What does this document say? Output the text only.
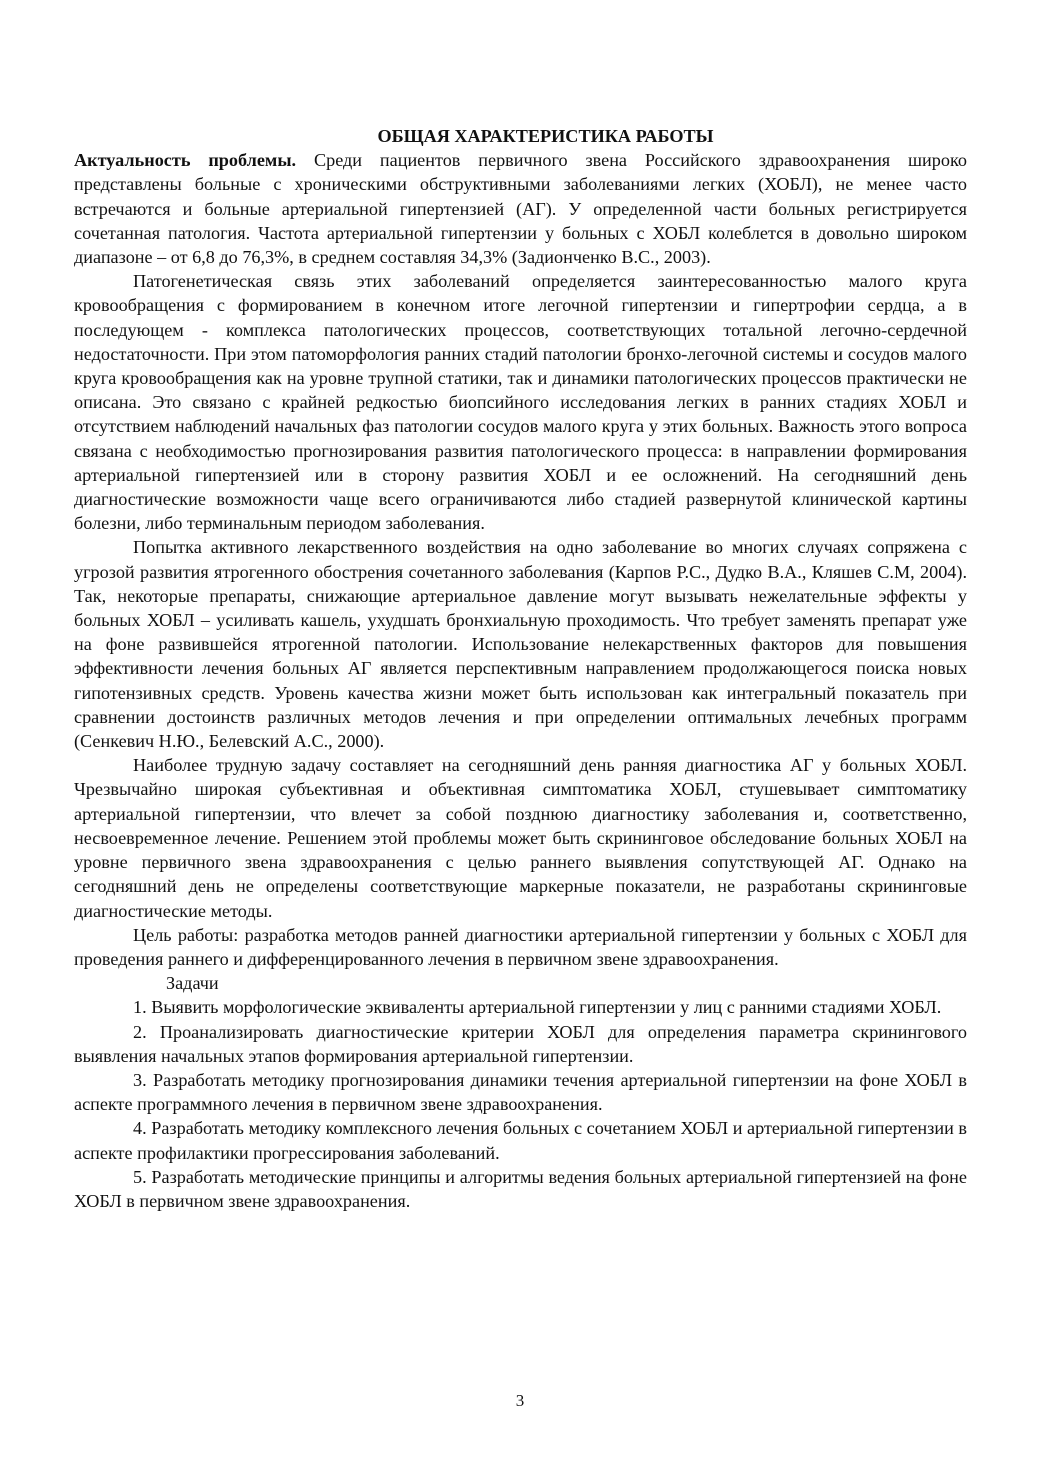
ОБЩАЯ ХАРАКТЕРИСТИКА РАБОТЫ

Актуальность проблемы. Среди пациентов первичного звена Российского здравоохранения широко представлены больные с хроническими обструктивными заболеваниями легких (ХОБЛ), не менее часто встречаются и больные артериальной гипертензией (АГ). У определенной части больных регистрируется сочетанная патология. Частота артериальной гипертензии у больных с ХОБЛ колеблется в довольно широком диапазоне – от 6,8 до 76,3%, в среднем составляя 34,3% (Задионченко В.С., 2003).

Патогенетическая связь этих заболеваний определяется заинтересованностью малого круга кровообращения с формированием в конечном итоге легочной гипертензии и гипертрофии сердца, а в последующем - комплекса патологических процессов, соответствующих тотальной легочно-сердечной недостаточности. При этом патоморфология ранних стадий патологии бронхо-легочной системы и сосудов малого круга кровообращения как на уровне трупной статики, так и динамики патологических процессов практически не описана. Это связано с крайней редкостью биопсийного исследования легких в ранних стадиях ХОБЛ и отсутствием наблюдений начальных фаз патологии сосудов малого круга у этих больных. Важность этого вопроса связана с необходимостью прогнозирования развития патологического процесса: в направлении формирования артериальной гипертензией или в сторону развития ХОБЛ и ее осложнений. На сегодняшний день диагностические возможности чаще всего ограничиваются либо стадией развернутой клинической картины болезни, либо терминальным периодом заболевания.

Попытка активного лекарственного воздействия на одно заболевание во многих случаях сопряжена с угрозой развития ятрогенного обострения сочетанного заболевания (Карпов Р.С., Дудко В.А., Кляшев С.М, 2004). Так, некоторые препараты, снижающие артериальное давление могут вызывать нежелательные эффекты у больных ХОБЛ – усиливать кашель, ухудшать бронхиальную проходимость. Что требует заменять препарат уже на фоне развившейся ятрогенной патологии. Использование нелекарственных факторов для повышения эффективности лечения больных АГ является перспективным направлением продолжающегося поиска новых гипотензивных средств. Уровень качества жизни может быть использован как интегральный показатель при сравнении достоинств различных методов лечения и при определении оптимальных лечебных программ (Сенкевич Н.Ю., Белевский А.С., 2000).

Наиболее трудную задачу составляет на сегодняшний день ранняя диагностика АГ у больных ХОБЛ. Чрезвычайно широкая субъективная и объективная симптоматика ХОБЛ, стушевывает симптоматику артериальной гипертензии, что влечет за собой позднюю диагностику заболевания и, соответственно, несвоевременное лечение. Решением этой проблемы может быть скрининговое обследование больных ХОБЛ на уровне первичного звена здравоохранения с целью раннего выявления сопутствующей АГ. Однако на сегодняшний день не определены соответствующие маркерные показатели, не разработаны скрининговые диагностические методы.

Цель работы: разработка методов ранней диагностики артериальной гипертензии у больных с ХОБЛ для проведения раннего и дифференцированного лечения в первичном звене здравоохранения.

Задачи

1. Выявить морфологические эквиваленты артериальной гипертензии у лиц с ранними стадиями ХОБЛ.

2. Проанализировать диагностические критерии ХОБЛ для определения параметра скринингового выявления начальных этапов формирования артериальной гипертензии.

3. Разработать методику прогнозирования динамики течения артериальной гипертензии на фоне ХОБЛ в аспекте программного лечения в первичном звене здравоохранения.

4. Разработать методику комплексного лечения больных с сочетанием ХОБЛ и артериальной гипертензии в аспекте профилактики прогрессирования заболеваний.

5. Разработать методические принципы и алгоритмы ведения больных артериальной гипертензией на фоне ХОБЛ в первичном звене здравоохранения.

3
